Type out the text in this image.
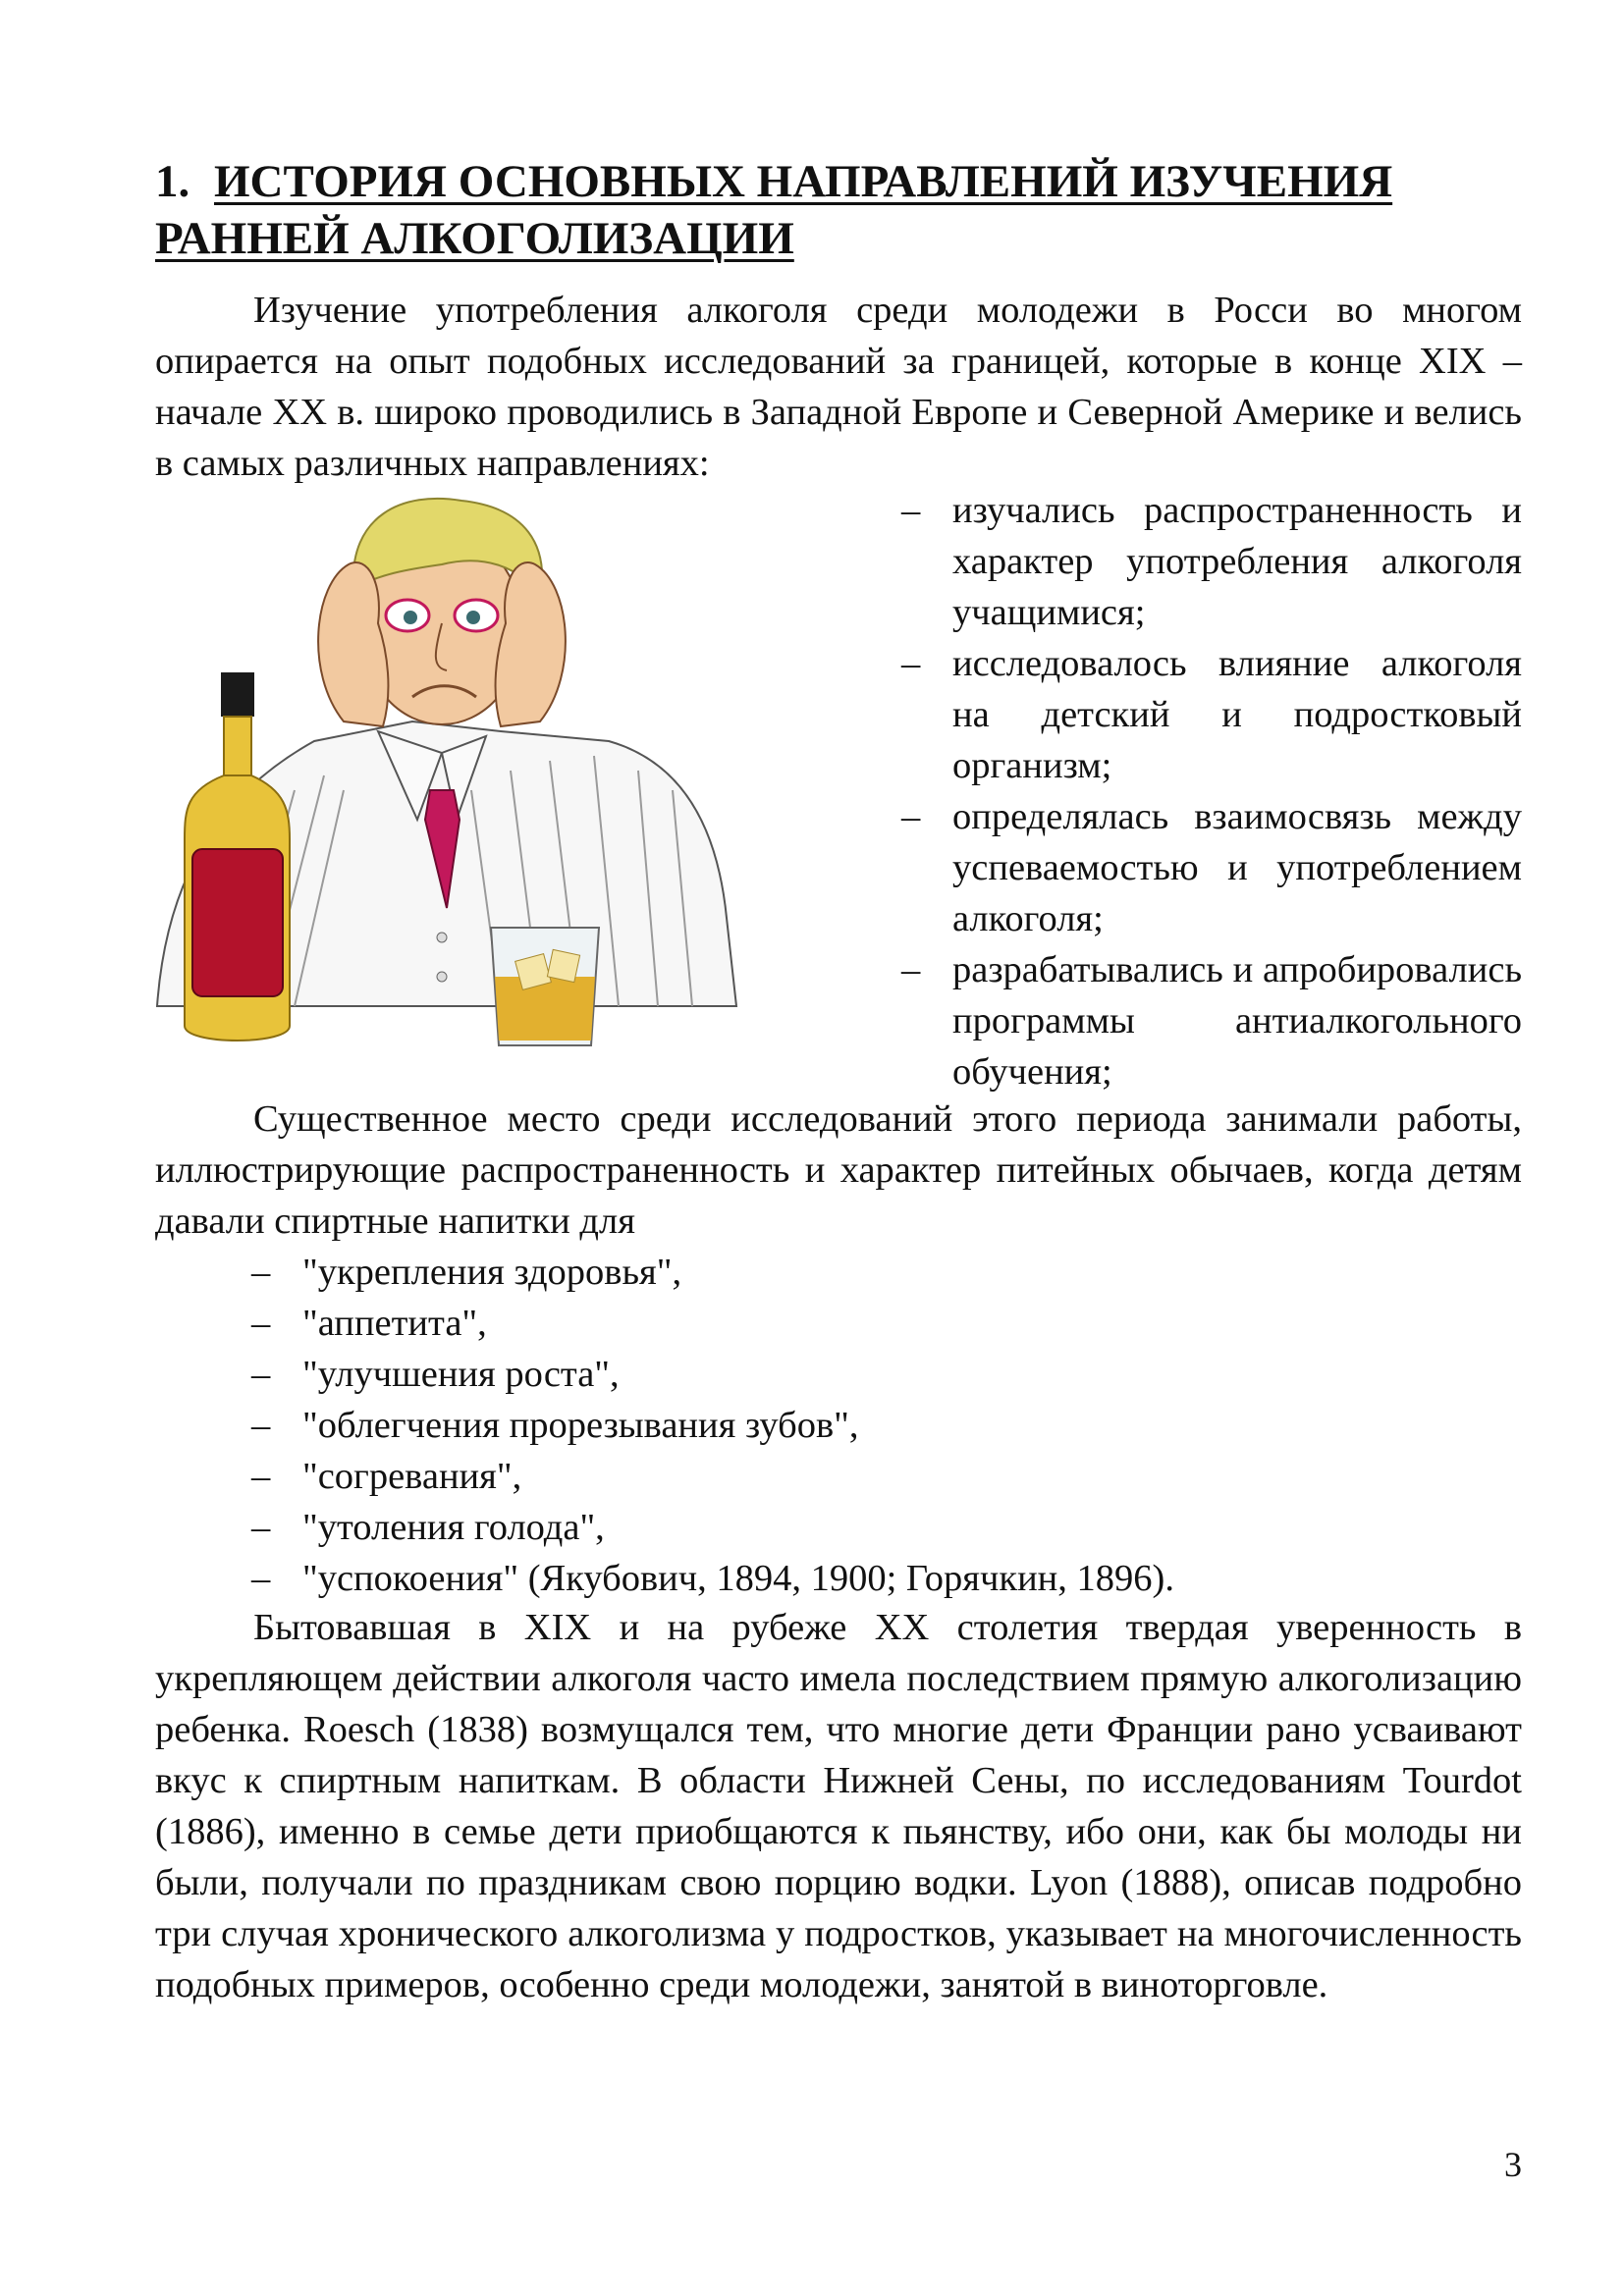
1. ИСТОРИЯ ОСНОВНЫХ НАПРАВЛЕНИЙ ИЗУЧЕНИЯ РАННЕЙ АЛКОГОЛИЗАЦИИ

Изучение употребления алкоголя среди молодежи в Росси во многом опирается на опыт подобных исследований за границей, которые в конце XIX – начале XX в. широко проводились в Западной Европе и Северной Америке и велись в самых различных направлениях:

– изучались распространенность и характер употребления алкоголя учащимися;
– исследовалось влияние алкоголя на детский и подростковый организм;
– определялась взаимосвязь между успеваемостью и употреблением алкоголя;
– разрабатывались и апробировались программы антиалкогольного обучения;

Существенное место среди исследований этого периода занимали работы, иллюстрирующие распространенность и характер питейных обычаев, когда детям давали спиртные напитки для

– "укрепления здоровья",
– "аппетита",
– "улучшения роста",
– "облегчения прорезывания зубов",
– "согревания",
– "утоления голода",
– "успокоения" (Якубович, 1894, 1900; Горячкин, 1896).

Бытовавшая в XIX и на рубеже XX столетия твердая уверенность в укрепляющем действии алкоголя часто имела последствием прямую алкоголизацию ребенка. Roesch (1838) возмущался тем, что многие дети Франции рано усваивают вкус к спиртным напиткам. В области Нижней Сены, по исследованиям Tourdot (1886), именно в семье дети приобщаются к пьянству, ибо они, как бы молоды ни были, получали по праздникам свою порцию водки. Lyon (1888), описав подробно три случая хронического алкоголизма у подростков, указывает на многочисленность подобных примеров, особенно среди молодежи, занятой в виноторговле.

3
